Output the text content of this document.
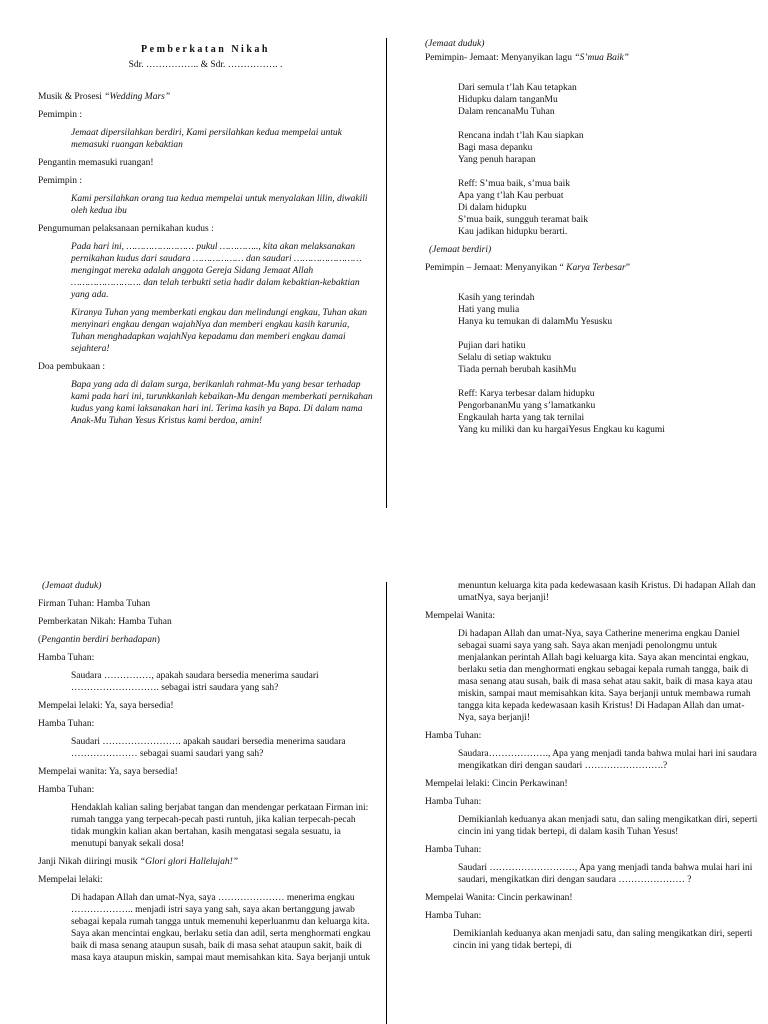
Pemberkatan Nikah
Sdr. …………….. & Sdr. ……………. .

Musik & Prosesi “Wedding Mars”

Pemimpin :

Jemaat dipersilahkan berdiri, Kami persilahkan kedua mempelai untuk memasuki ruangan kebaktian

Pengantin memasuki ruangan!

Pemimpin :

Kami persilahkan orang tua kedua mempelai untuk menyalakan lilin, diwakili oleh kedua ibu

Pengumuman pelaksanaan pernikahan kudus :

Pada hari ini, …………………… pukul ………….., kita akan melaksanakan pernikahan kudus dari saudara ……………… dan saudari …………………… mengingat mereka adalah anggota Gereja Sidang Jemaat Allah ……………………. dan telah terbukti setia hadir dalam kebaktian-kebaktian yang ada.

Kiranya Tuhan yang memberkati engkau dan melindungi engkau, Tuhan akan menyinari engkau dengan wajahNya dan memberi engkau kasih karunia, Tuhan menghadapkan wajahNya kepadamu dan memberi engkau damai sejahtera!

Doa pembukaan :

Bapa yang ada di dalam surga, berikanlah rahmat-Mu yang besar terhadap kami pada hari ini, turunkkanlah kebaikan-Mu dengan memberkati pernikahan kudus yang kami laksanakan hari ini. Terima kasih ya Bapa. Di dalam nama Anak-Mu Tuhan Yesus Kristus kami berdoa, amin!

(Jemaat duduk)

Pemimpin- Jemaat: Menyanyikan lagu “S’mua Baik”

Dari semula t’lah Kau tetapkan
Hidupku dalam tanganMu
Dalam rencanaMu Tuhan
Rencana indah t’lah Kau siapkan
Bagi masa depanku
Yang penuh harapan
Reff: S’mua baik, s’mua baik
Apa yang t’lah Kau perbuat
Di dalam hidupku
S’mua baik, sungguh teramat baik
Kau jadikan hidupku berarti.

(Jemaat berdiri)

Pemimpin – Jemaat: Menyanyikan “ Karya Terbesar”

Kasih yang terindah
Hati yang mulia
Hanya ku temukan di dalamMu Yesusku
Pujian dari hatiku
Selalu di setiap waktuku
Tiada pernah berubah kasihMu
Reff: Karya terbesar dalam hidupku
PengorbananMu yang s’lamatkanku
Engkaulah harta yang tak ternilai
Yang ku miliki dan ku hargaiYesus Engkau ku kagumi

(Jemaat duduk)

Firman Tuhan: Hamba Tuhan

Pemberkatan Nikah: Hamba Tuhan

(Pengantin berdiri berhadapan)

Hamba Tuhan:

Saudara ……………, apakah saudara bersedia menerima saudari ………………………. sebagai istri saudara yang sah?

Mempelai lelaki: Ya, saya bersedia!

Hamba Tuhan:

Saudari ……………………. apakah saudari bersedia menerima saudara ………………… sebagai suami saudari yang sah?

Mempelai wanita: Ya, saya bersedia!

Hamba Tuhan:

Hendaklah kalian saling berjabat tangan dan mendengar perkataan Firman ini: rumah tangga yang terpecah-pecah pasti runtuh, jika kalian terpecah-pecah tidak mungkin kalian akan bertahan, kasih mengatasi segala sesuatu, ia menutupi banyak sekali dosa!

Janji Nikah diiringi musik “Glori glori Hallelujah!”

Mempelai lelaki:

Di hadapan Allah dan umat-Nya, saya ………………… menerima engkau ……………….. menjadi istri saya yang sah, saya akan bertanggung jawab sebagai kepala rumah tangga untuk memenuhi keperluanmu dan keluarga kita. Saya akan mencintai engkau, berlaku setia dan adil, serta menghormati engkau baik di masa senang ataupun susah, baik di masa sehat ataupun sakit, baik di masa kaya ataupun miskin, sampai maut memisahkan kita. Saya berjanji untuk

menuntun keluarga kita pada kedewasaan kasih Kristus. Di hadapan Allah dan umatNya, saya berjanji!

Mempelai Wanita:

Di hadapan Allah dan umat-Nya, saya Catherine menerima engkau Daniel sebagai suami saya yang sah. Saya akan menjadi penolongmu untuk menjalankan perintah Allah bagi keluarga kita. Saya akan mencintai engkau, berlaku setia dan menghormati engkau sebagai kepala rumah tangga, baik di masa senang atau susah, baik di masa sehat atau sakit, baik di masa kaya atau miskin, sampai maut memisahkan kita. Saya berjanji untuk membawa rumah tangga kita kepada kedewasaan kasih Kristus! Di Hadapan Allah dan umat-Nya, saya berjanji!

Hamba Tuhan:

Saudara………………., Apa yang menjadi tanda bahwa mulai hari ini saudara mengikatkan diri dengan saudari …………………….?

Mempelai lelaki: Cincin Perkawinan!

Hamba Tuhan:

Demikianlah keduanya akan menjadi satu, dan saling mengikatkan diri, seperti cincin ini yang tidak bertepi, di dalam kasih Tuhan Yesus!

Hamba Tuhan:

Saudari ………………………, Apa yang menjadi tanda bahwa mulai hari ini saudari, mengikatkan diri dengan saudara ………………… ?

Mempelai Wanita: Cincin perkawinan!

Hamba Tuhan:

Demikianlah keduanya akan menjadi satu, dan saling mengikatkan diri, seperti cincin ini yang tidak bertepi, di
